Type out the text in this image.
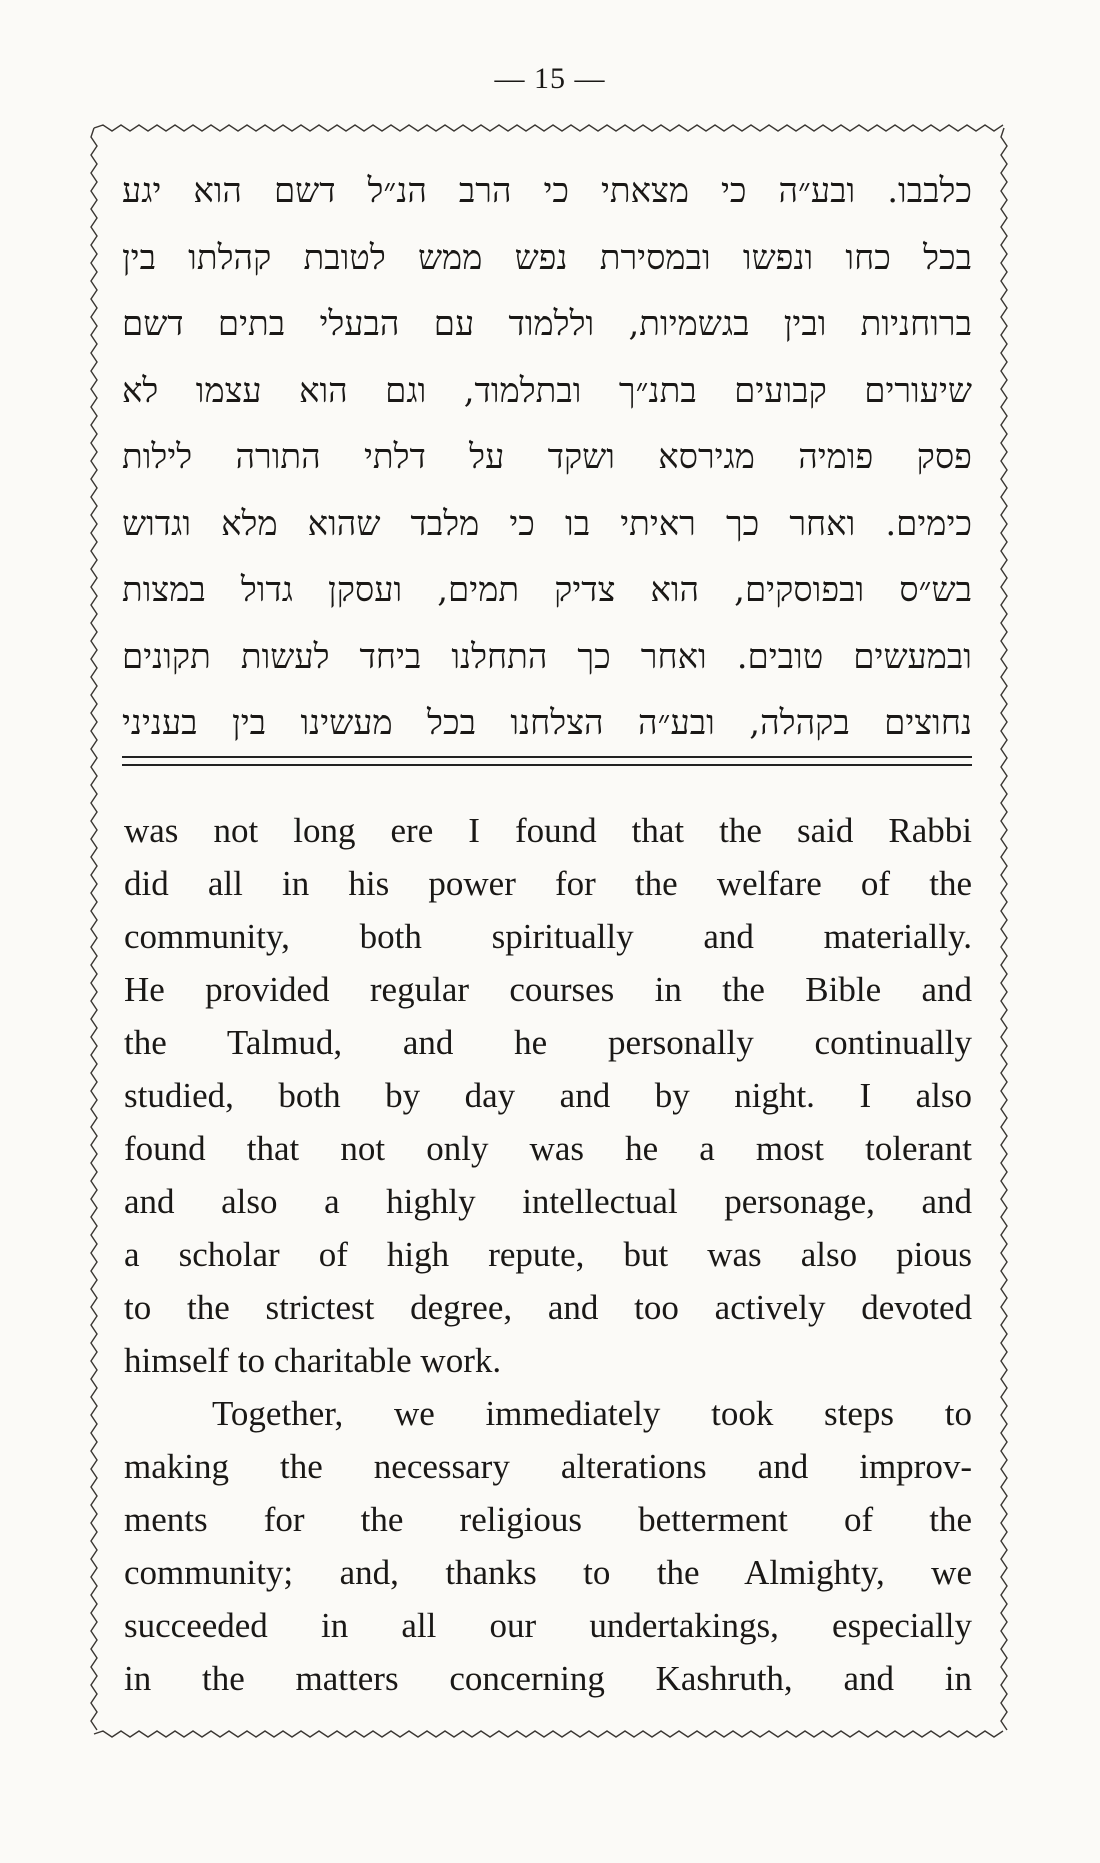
— 15 —
כלבבו. ובע״ה כי מצאתי כי הרב הנ״ל דשם הוא יגע
בכל כחו ונפשו ובמסירת נפש ממש לטובת קהלתו בין
ברוחניות ובין בגשמיות, וללמוד עם הבעלי בתים דשם
שיעורים קבועים בתנ״ך ובתלמוד, וגם הוא עצמו לא
פסק פומיה מגירסא ושקד על דלתי התורה לילות
כימים. ואחר כך ראיתי בו כי מלבד שהוא מלא וגדוש
בש״ס ובפוסקים, הוא צדיק תמים, ועסקן גדול במצות
ובמעשים טובים. ואחר כך התחלנו ביחד לעשות תקונים
נחוצים בקהלה, ובע״ה הצלחנו בכל מעשינו בין בעניני
was not long ere I found that the said Rabbi
did all in his power for the welfare of the
community, both spiritually and materially.
He provided regular courses in the Bible and
the Talmud, and he personally continually
studied, both by day and by night. I also
found that not only was he a most tolerant
and also a highly intellectual personage, and
a scholar of high repute, but was also pious
to the strictest degree, and too actively devoted
himself to charitable work.
Together, we immediately took steps to
making the necessary alterations and improv-
ments for the religious betterment of the
community; and, thanks to the Almighty, we
succeeded in all our undertakings, especially
in the matters concerning Kashruth, and in
